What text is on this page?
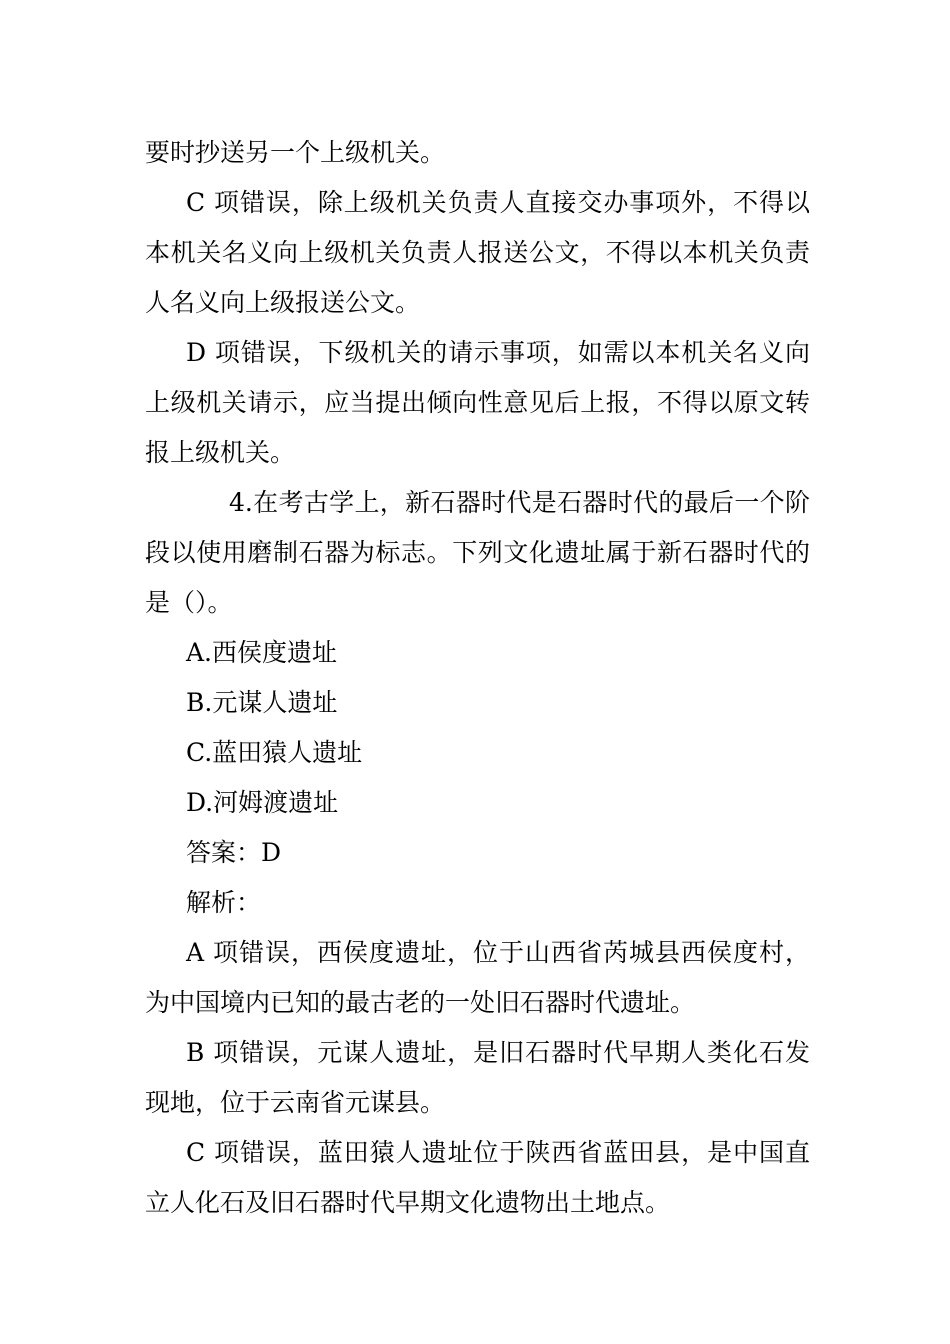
要时抄送另一个上级机关。

C 项错误，除上级机关负责人直接交办事项外，不得以本机关名义向上级机关负责人报送公文，不得以本机关负责人名义向上级报送公文。

D 项错误，下级机关的请示事项，如需以本机关名义向上级机关请示，应当提出倾向性意见后上报，不得以原文转报上级机关。

4.在考古学上，新石器时代是石器时代的最后一个阶段以使用磨制石器为标志。下列文化遗址属于新石器时代的是（）。

A.西侯度遗址

B.元谋人遗址

C.蓝田猿人遗址

D.河姆渡遗址

答案：D

解析：

A 项错误，西侯度遗址，位于山西省芮城县西侯度村，为中国境内已知的最古老的一处旧石器时代遗址。

B 项错误，元谋人遗址，是旧石器时代早期人类化石发现地，位于云南省元谋县。

C 项错误，蓝田猿人遗址位于陕西省蓝田县，是中国直立人化石及旧石器时代早期文化遗物出土地点。
